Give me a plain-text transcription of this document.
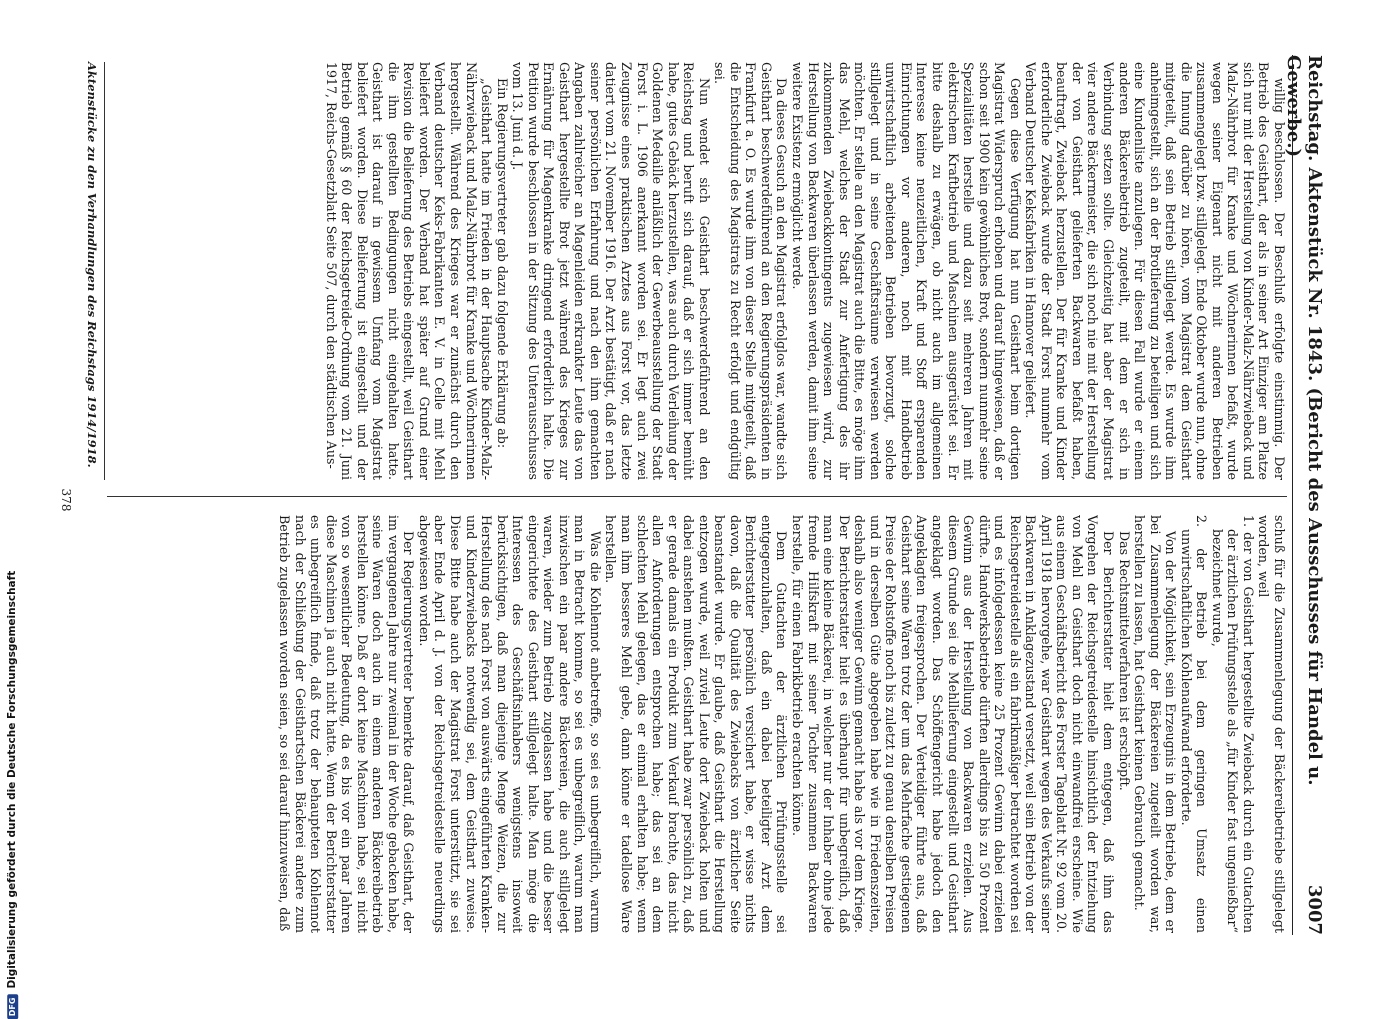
DFG
Digitalisierung gefördert durch die Deutsche Forschungsgemeinschaft	Reichstag. Aktenstück Nr. 1843. (Bericht des Ausschusses für Handel u. Gewerbe.)
3007

willig beschlossen. Der Beschluß erfolgte einstimmig. Der Betrieb des Geisthart, der als in seiner Art Einziger am Platze sich nur mit der Herstellung von Kinder-Malz-Nährzwieback und Malz-Nährbrot für Kranke und Wöchnerinnen befaßt, wurde wegen seiner Eigenart nicht mit anderen Betrieben zusammengelegt bzw. stillgelegt. Ende Oktober wurde nun, ohne die Innung darüber zu hören, vom Magistrat dem Geisthart mitgeteilt, daß sein Betrieb stillgelegt werde. Es wurde ihm anheimgestellt, sich an der Brotlieferung zu beteiligen und sich eine Kundenliste anzulegen. Für diesen Fall wurde er einem anderen Bäckereibetrieb zugeteilt, mit dem er sich in Verbindung setzen sollte. Gleichzeitig hat aber der Magistrat vier andere Bäckermeister, die sich noch nie mit der Herstellung der von Geisthart gelieferten Backwaren befaßt haben, beauftragt, Zwieback herzustellen. Der für Kranke und Kinder erforderliche Zwieback wurde der Stadt Forst nunmehr vom Verband Deutscher Keksfabriken in Hannover geliefert.

Gegen diese Verfügung hat nun Geisthart beim dortigen Magistrat Widerspruch erhoben und darauf hingewiesen, daß er schon seit 1900 kein gewöhnliches Brot, sondern nunmehr seine Spezialitäten herstelle und dazu seit mehreren Jahren mit elektrischem Kraftbetrieb und Maschinen ausgerüstet sei. Er bitte deshalb zu erwägen, ob nicht auch im allgemeinen Interesse keine neuzeitlichen, Kraft und Stoff ersparenden Einrichtungen vor anderen, noch mit Handbetrieb unwirtschaftlich arbeitenden Betrieben bevorzugt, solche stillgelegt und in seine Geschäftsräume verwiesen werden möchten. Er stelle an den Magistrat auch die Bitte, es möge ihm das Mehl, welches der Stadt zur Anfertigung des ihr zukommenden Zwiebackkontingents zugewiesen wird, zur Herstellung von Backwaren überlassen werden, damit ihm seine weitere Existenz ermöglicht werde.

Da dieses Gesuch an den Magistrat erfolglos war, wandte sich Geisthart beschwerdeführend an den Regierungspräsidenten in Frankfurt a. O. Es wurde ihm von dieser Stelle mitgeteilt, daß die Entscheidung des Magistrats zu Recht erfolgt und endgültig sei.

Nun wendet sich Geisthart beschwerdeführend an den Reichstag und beruft sich darauf, daß er sich immer bemüht habe, gutes Gebäck herzustellen, was auch durch Verleihung der Goldenen Medaille anläßlich der Gewerbeausstellung der Stadt Forst i. L. 1906 anerkannt worden sei. Er legt auch zwei Zeugnisse eines praktischen Arztes aus Forst vor, das letzte datiert vom 21. November 1916. Der Arzt bestätigt, daß er nach seiner persönlichen Erfahrung und nach den ihm gemachten Angaben zahlreicher an Magenleiden erkrankter Leute das von Geisthart hergestellte Brot jetzt während des Krieges zur Ernährung für Magenkranke dringend erforderlich halte. Die Petition wurde beschlossen in der Sitzung des Unterausschusses vom 13. Juni d. J.

Ein Regierungsvertreter gab dazu folgende Erklärung ab:

„Geisthart hatte im Frieden in der Hauptsache Kinder-Malz-Nährzwieback und Malz-Nährbrot für Kranke und Wöchnerinnen hergestellt. Während des Krieges war er zunächst durch den Verband deutscher Keks-Fabrikanten E. V. in Celle mit Mehl beliefert worden. Der Verband hat später auf Grund einer Revision die Belieferung des Betriebs eingestellt, weil Geisthart die ihm gestellten Bedingungen nicht eingehalten hatte. Geisthart ist darauf in gewissem Umfang vom Magistrat beliefert worden. Diese Belieferung ist eingestellt und der Betrieb gemäß § 60 der Reichsgetreide-Ordnung vom 21. Juni 1917, Reichs-Gesetzblatt Seite 507, durch den städtischen Aus-

schuß für die Zusammenlegung der Bäckereibetriebe stillgelegt worden, weil

1. der von Geisthart hergestellte Zwieback durch ein Gutachten der ärztlichen Prüfungsstelle als „für Kinder fast ungenießbar“ bezeichnet wurde,

2. der Betrieb bei dem geringen Umsatz einen unwirtschaftlichen Kohlenaufwand erforderte.

Von der Möglichkeit, sein Erzeugnis in dem Betriebe, dem er bei Zusammenlegung der Bäckereien zugeteilt worden war, herstellen zu lassen, hat Geisthart keinen Gebrauch gemacht.

Das Rechtsmittelverfahren ist erschöpft.

Der Berichterstatter hielt dem entgegen, daß ihm das Vorgehen der Reichsgetreidestelle hinsichtlich der Entziehung von Mehl an Geisthart doch nicht einwandfrei erscheine. Wie aus einem Geschäftsbericht des Forster Tageblatt Nr. 92 vom 20. April 1918 hervorgehe, war Geisthart wegen des Verkaufs seiner Backwaren in Anklagezustand versetzt, weil sein Betrieb von der Reichsgetreidestelle als ein fabrikmäßiger betrachtet worden sei und es infolgedessen keine 25 Prozent Gewinn dabei erzielen dürfte. Handwerksbetriebe dürften allerdings bis zu 50 Prozent Gewinn aus der Herstellung von Backwaren erzielen. Aus diesem Grunde sei die Mehllieferung eingestellt und Geisthart angeklagt worden. Das Schöffengericht habe jedoch den Angeklagten freigesprochen. Der Verteidiger führte aus, daß Geisthart seine Waren trotz der um das Mehrfache gestiegenen Preise der Rohstoffe noch bis zuletzt zu genau denselben Preisen und in derselben Güte abgegeben habe wie in Friedenszeiten, deshalb also weniger Gewinn gemacht habe als vor dem Kriege. Der Berichterstatter hielt es überhaupt für unbegreiflich, daß man eine kleine Bäckerei, in welcher nur der Inhaber ohne jede fremde Hilfskraft mit seiner Tochter zusammen Backwaren herstelle, für einen Fabrikbetrieb erachten könne.

Dem Gutachten der ärztlichen Prüfungsstelle sei entgegenzuhalten, daß ein dabei beteiligter Arzt dem Berichterstatter persönlich versichert habe, er wisse nichts davon, daß die Qualität des Zwiebacks von ärztlicher Seite beanstandet wurde. Er glaube, daß Geisthart die Herstellung entzogen wurde, weil zuviel Leute dort Zwieback holten und dabei anstehen mußten. Geisthart habe zwar persönlich zu, daß er gerade damals ein Produkt zum Verkauf brachte, das nicht allen Anforderungen entsprochen habe; das sei an dem schlechten Mehl gelegen, das er einmal erhalten habe; wenn man ihm besseres Mehl gebe, dann könne er tadellose Ware herstellen.

Was die Kohlennot anbetreffe, so sei es unbegreiflich, warum man in Betracht komme, so sei es unbegreiflich, warum man inzwischen ein paar andere Bäckereien, die auch stillgelegt waren, wieder zum Betrieb zugelassen habe und die besser eingerichtete des Geisthart stillgelegt halte. Man möge die Interessen des Geschäftsinhabers wenigstens insoweit berücksichtigen, daß man diejenige Menge Weizen, die zur Herstellung des nach Forst von auswärts eingeführten Kranken- und Kinderzwiebacks notwendig sei, dem Geisthart zuweise. Diese Bitte habe auch der Magistrat Forst unterstützt, sie sei aber Ende April d. J. von der Reichsgetreidestelle neuerdings abgewiesen worden.

Der Regierungsvertreter bemerkte darauf, daß Geisthart, der im vergangenen Jahre nur zweimal in der Woche gebacken habe, seine Waren doch auch in einem anderen Bäckereibetrieb herstellen könne. Daß er dort keine Maschinen habe, sei nicht von so wesentlicher Bedeutung, da es bis vor ein paar Jahren diese Maschinen ja auch nicht hatte. Wenn der Berichterstatter es unbegreiflich finde, daß trotz der behaupteten Kohlennot nach der Schließung der Geisthartschen Bäckerei andere zum Betrieb zugelassen worden seien, so sei darauf hinzuweisen, daß

Aktenstücke zu den Verhandlungen des Reichstags 1914/1918.
378
